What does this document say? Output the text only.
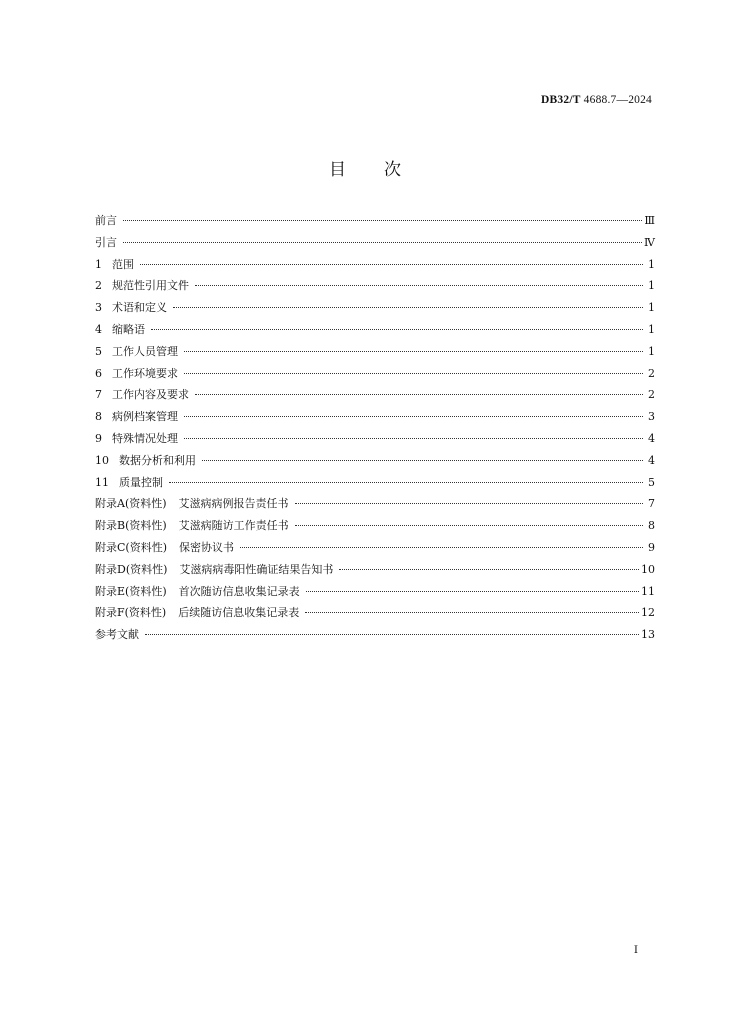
DB32/T 4688.7—2024
目 次
前言	Ⅲ
引言	Ⅳ
1 范围	1
2 规范性引用文件	1
3 术语和定义	1
4 缩略语	1
5 工作人员管理	1
6 工作环境要求	2
7 工作内容及要求	2
8 病例档案管理	3
9 特殊情况处理	4
10 数据分析和利用	4
11 质量控制	5
附录A(资料性) 艾滋病病例报告责任书	7
附录B(资料性) 艾滋病随访工作责任书	8
附录C(资料性) 保密协议书	9
附录D(资料性) 艾滋病病毒阳性确证结果告知书	10
附录E(资料性) 首次随访信息收集记录表	11
附录F(资料性) 后续随访信息收集记录表	12
参考文献	13
I
